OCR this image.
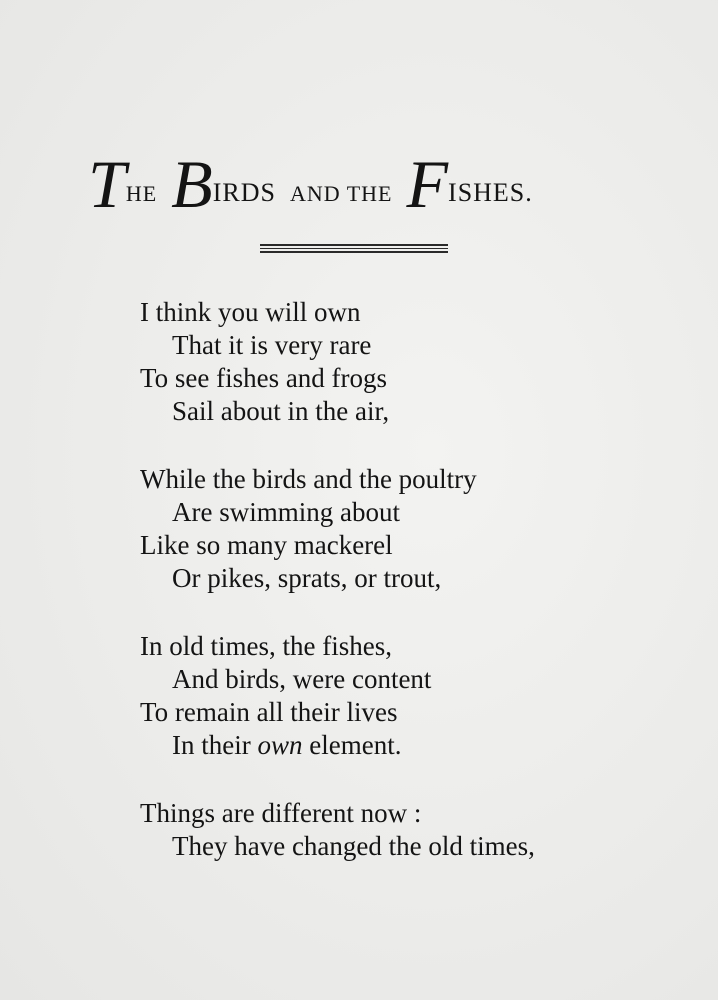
THE BIRDS AND THE FISHES.
I think you will own
That it is very rare
To see fishes and frogs
Sail about in the air,
While the birds and the poultry
Are swimming about
Like so many mackerel
Or pikes, sprats, or trout,
In old times, the fishes,
And birds, were content
To remain all their lives
In their own element.
Things are different now :
They have changed the old times,
